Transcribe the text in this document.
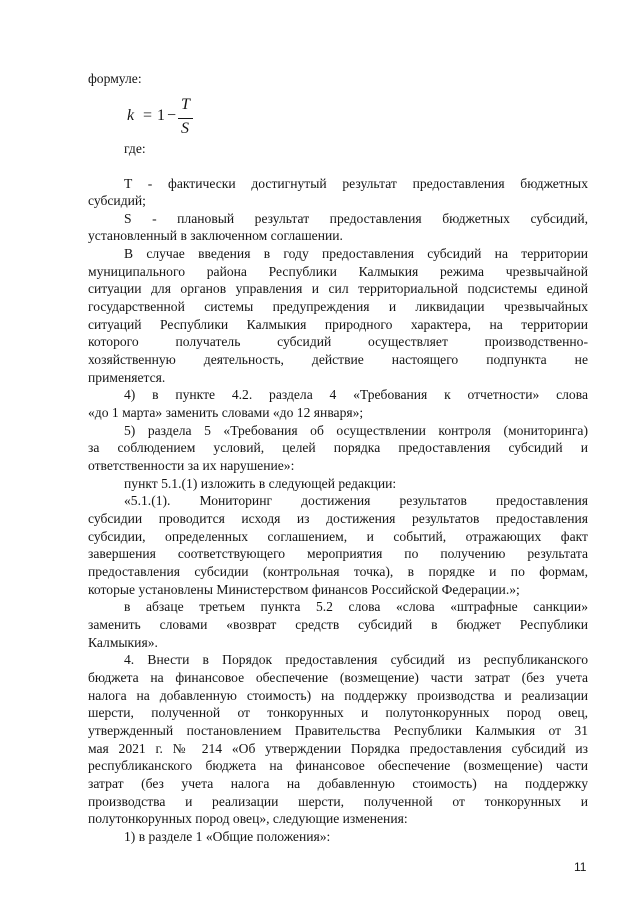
формуле:
k = 1 −
T
S
где:
T - фактически достигнутый результат предоставления бюджетных
субсидий;
S - плановый результат предоставления бюджетных субсидий,
установленный в заключенном соглашении.
В случае введения в году предоставления субсидий на территории
муниципального района Республики Калмыкия режима чрезвычайной
ситуации для органов управления и сил территориальной подсистемы единой
государственной системы предупреждения и ликвидации чрезвычайных
ситуаций Республики Калмыкия природного характера, на территории
которого получатель субсидий осуществляет производственно-
хозяйственную деятельность, действие настоящего подпункта не
применяется.
4) в пункте 4.2. раздела 4 «Требования к отчетности» слова
«до 1 марта» заменить словами «до 12 января»;
5) раздела 5 «Требования об осуществлении контроля (мониторинга)
за соблюдением условий, целей порядка предоставления субсидий и
ответственности за их нарушение»:
пункт 5.1.(1) изложить в следующей редакции:
«5.1.(1). Мониторинг достижения результатов предоставления
субсидии проводится исходя из достижения результатов предоставления
субсидии, определенных соглашением, и событий, отражающих факт
завершения соответствующего мероприятия по получению результата
предоставления субсидии (контрольная точка), в порядке и по формам,
которые установлены Министерством финансов Российской Федерации.»;
в абзаце третьем пункта 5.2 слова «слова «штрафные санкции»
заменить словами «возврат средств субсидий в бюджет Республики
Калмыкия».
4. Внести в Порядок предоставления субсидий из республиканского
бюджета на финансовое обеспечение (возмещение) части затрат (без учета
налога на добавленную стоимость) на поддержку производства и реализации
шерсти, полученной от тонкорунных и полутонкорунных пород овец,
утвержденный постановлением Правительства Республики Калмыкия от 31
мая 2021 г. № 214 «Об утверждении Порядка предоставления субсидий из
республиканского бюджета на финансовое обеспечение (возмещение) части
затрат (без учета налога на добавленную стоимость) на поддержку
производства и реализации шерсти, полученной от тонкорунных и
полутонкорунных пород овец», следующие изменения:
1) в разделе 1 «Общие положения»:
11
